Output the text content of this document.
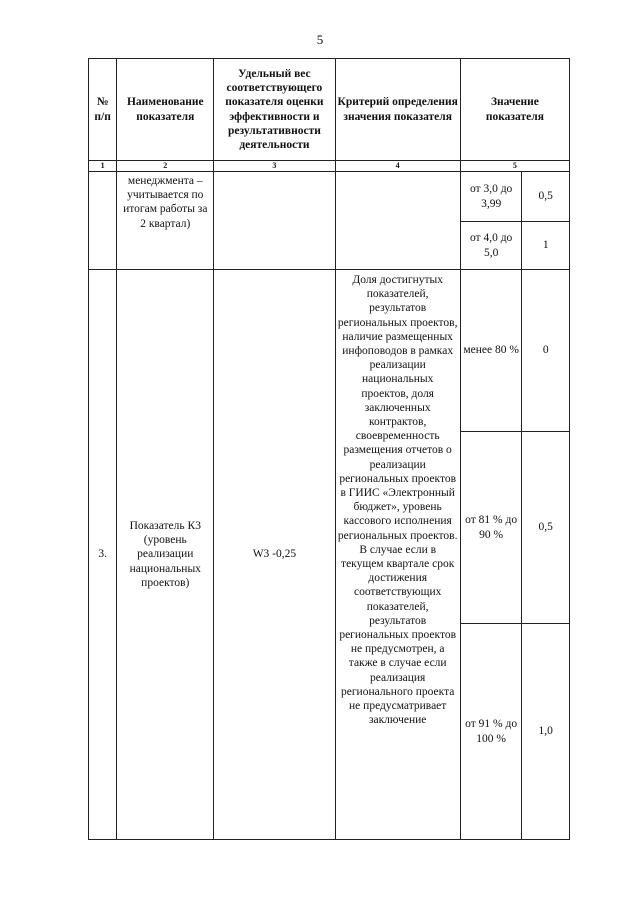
5
№ п/п	Наименование показателя	Удельный вес соответствующего показателя оценки эффективности и результативности деятельности	Критерий определения значения показателя	Значение показателя	
1	2	3	4	5	
	менеджмента – учитывается по итогам работы за 2 квартал)			от 3,0 до 3,99	0,5
				от 4,0 до 5,0	1
3.	Показатель К3 (уровень реализации национальных проектов)	W3 -0,25	Доля достигнутых показателей, результатов региональных проектов, наличие размещенных инфоповодов в рамках реализации национальных проектов, доля заключенных контрактов, своевременность размещения отчетов о реализации региональных проектов в ГИИС «Электронный бюджет», уровень кассового исполнения региональных проектов. В случае если в текущем квартале срок достижения соответствующих показателей, результатов региональных проектов не предусмотрен, а также в случае если реализация регионального проекта не предусматривает заключение	менее 80 %	0
				от 81 % до 90 %	0,5
				от 91 % до 100 %	1,0
